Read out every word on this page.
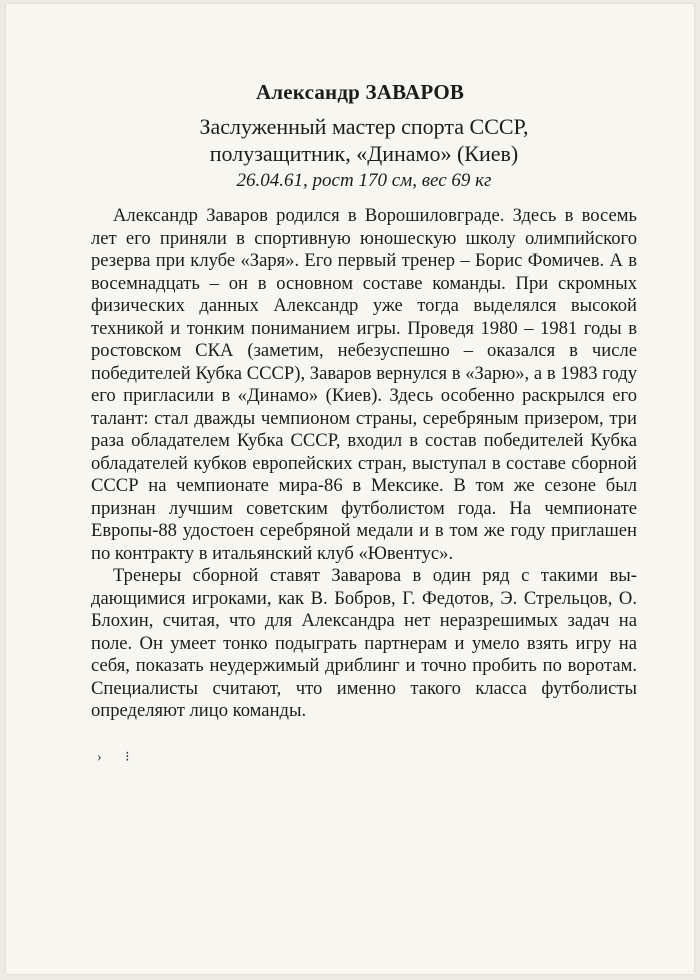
Александр ЗАВАРОВ
Заслуженный мастер спорта СССР,
полузащитник, «Динамо» (Киев)
26.04.61, рост 170 см, вес 69 кг

Александр Заваров родился в Ворошиловграде. Здесь в восемь лет его приняли в спортивную юношескую школу олимпийского резерва при клубе «Заря». Его первый тренер – Борис Фомичев. А в восемнадцать – он в основном составе команды. При скромных физических данных Александр уже тогда выделялся высокой техникой и тонким пониманием игры. Проведя 1980 – 1981 годы в ростовском СКА (заметим, небезуспешно – оказался в числе победителей Кубка СССР), Заваров вернулся в «Зарю», а в 1983 году его пригласили в «Динамо» (Киев). Здесь особенно раскрылся его талант: стал дважды чемпионом страны, серебряным призером, три раза обладателем Кубка СССР, входил в состав победителей Кубка обладателей кубков европейских стран, выступал в составе сборной СССР на чемпионате мира-86 в Мексике. В том же сезоне был признан лучшим советским футболистом года. На чемпионате Европы-88 удостоен серебряной медали и в том же году приглашен по контракту в итальянский клуб «Ювентус».

Тренеры сборной ставят Заварова в один ряд с такими выдающимися игроками, как В. Бобров, Г. Федотов, Э. Стрельцов, О. Блохин, считая, что для Александра нет неразрешимых задач на поле. Он умеет тонко подыграть партнерам и умело взять игру на себя, показать неудержимый дриблинг и точно пробить по воротам. Специалисты считают, что именно такого класса футболисты определяют лицо команды.

› ⁝
